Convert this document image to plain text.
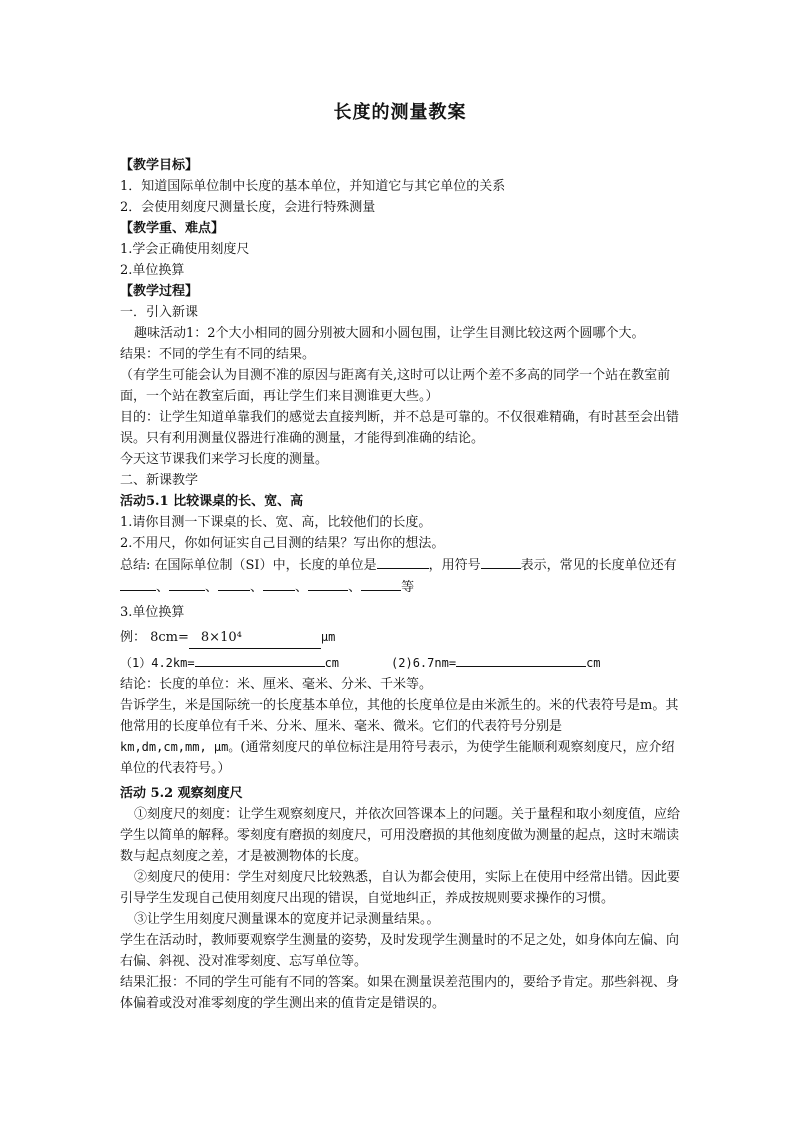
长度的测量教案

【教学目标】

1．知道国际单位制中长度的基本单位，并知道它与其它单位的关系

2．会使用刻度尺测量长度，会进行特殊测量

【教学重、难点】

1.学会正确使用刻度尺

2.单位换算

【教学过程】

一．引入新课

趣味活动1：2个大小相同的圆分别被大圆和小圆包围，让学生目测比较这两个圆哪个大。

结果：不同的学生有不同的结果。

（有学生可能会认为目测不准的原因与距离有关,这时可以让两个差不多高的同学一个站在教室前面，一个站在教室后面，再让学生们来目测谁更大些。）

目的：让学生知道单靠我们的感觉去直接判断，并不总是可靠的。不仅很难精确，有时甚至会出错误。只有利用测量仪器进行准确的测量，才能得到准确的结论。

今天这节课我们来学习长度的测量。

二、新课教学

活动5.1 比较课桌的长、宽、高

1.请你目测一下课桌的长、宽、高，比较他们的长度。

2.不用尺，你如何证实自己目测的结果？写出你的想法。

总结: 在国际单位制（SI）中，长度的单位是	，用符号	表示，常见的长度单位还有、	、 、 、	、	等

3.单位换算

例： 8cm= 8×10⁴	μm

（1）4.2km=	cm	(2)6.7nm=	cm

结论：长度的单位：米、厘米、毫米、分米、千米等。

告诉学生，米是国际统一的长度基本单位，其他的长度单位是由米派生的。米的代表符号是m。其他常用的长度单位有千米、分米、厘米、毫米、微米。它们的代表符号分别是

km,dm,cm,mm, μm。(通常刻度尺的单位标注是用符号表示，为使学生能顺利观察刻度尺，应介绍单位的代表符号。）

活动 5.2 观察刻度尺

①刻度尺的刻度：让学生观察刻度尺，并依次回答课本上的问题。关于量程和取小刻度值，应给学生以简单的解释。零刻度有磨损的刻度尺，可用没磨损的其他刻度做为测量的起点，这时末端读数与起点刻度之差，才是被测物体的长度。

②刻度尺的使用：学生对刻度尺比较熟悉，自认为都会使用，实际上在使用中经常出错。因此要引导学生发现自己使用刻度尺出现的错误，自觉地纠正，养成按规则要求操作的习惯。

③让学生用刻度尺测量课本的宽度并记录测量结果。。

学生在活动时，教师要观察学生测量的姿势，及时发现学生测量时的不足之处，如身体向左偏、向右偏、斜视、没对准零刻度、忘写单位等。

结果汇报：不同的学生可能有不同的答案。如果在测量误差范围内的，要给予肯定。那些斜视、身体偏着或没对准零刻度的学生测出来的值肯定是错误的。
